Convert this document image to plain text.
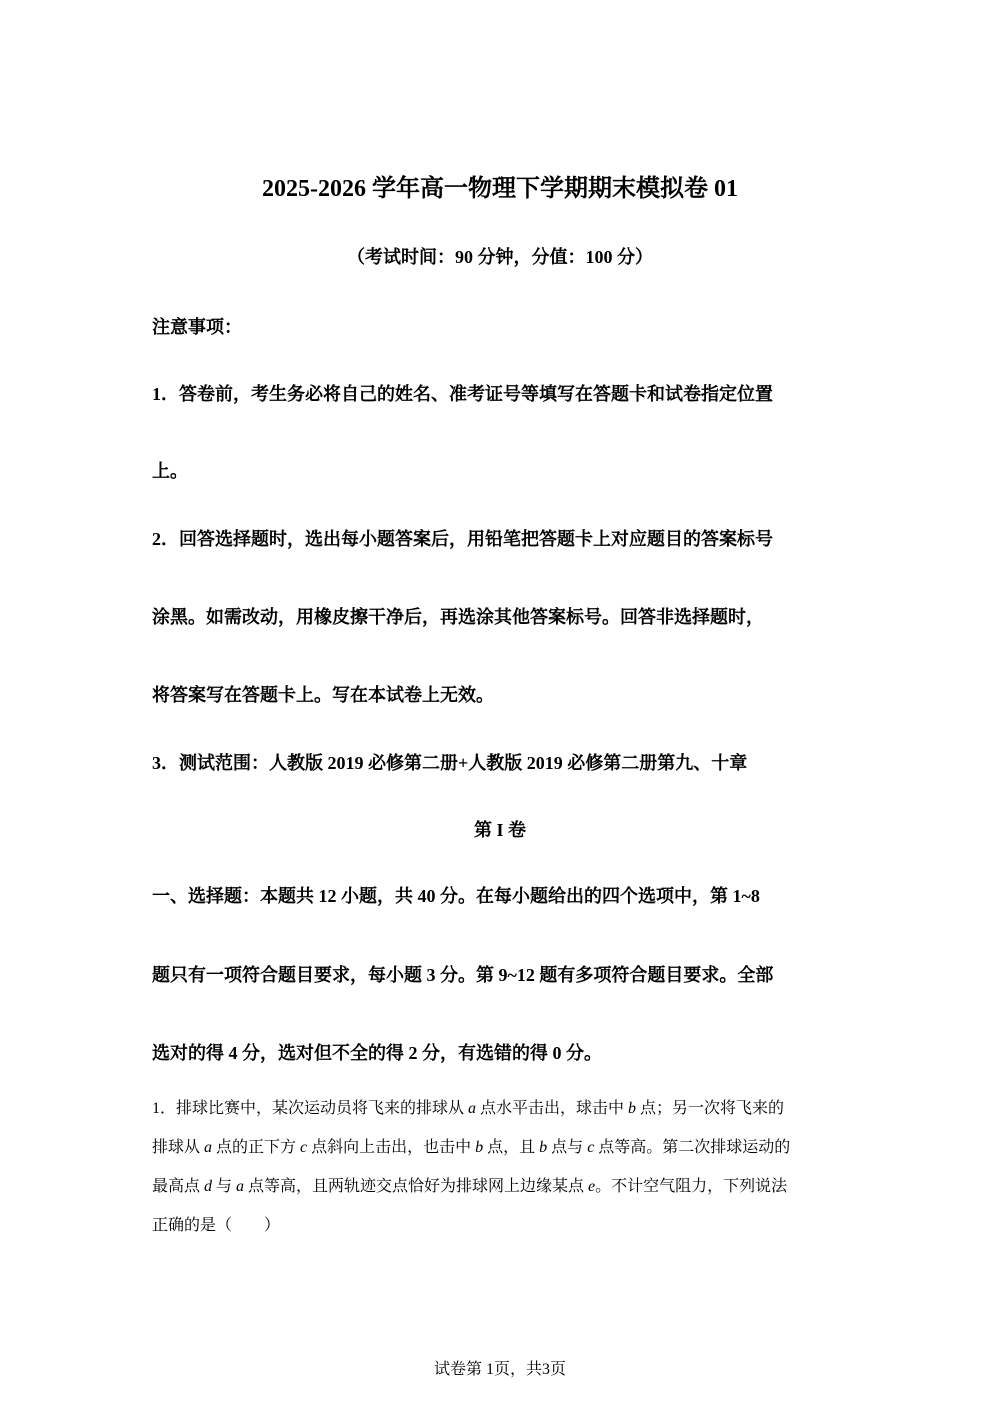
2025-2026 学年高一物理下学期期末模拟卷 01
（考试时间：90 分钟，分值：100 分）
注意事项：
1．答卷前，考生务必将自己的姓名、准考证号等填写在答题卡和试卷指定位置
上。
2．回答选择题时，选出每小题答案后，用铅笔把答题卡上对应题目的答案标号
涂黑。如需改动，用橡皮擦干净后，再选涂其他答案标号。回答非选择题时，
将答案写在答题卡上。写在本试卷上无效。
3．测试范围：人教版 2019 必修第二册+人教版 2019 必修第二册第九、十章
第 I 卷
一、选择题：本题共 12 小题，共 40 分。在每小题给出的四个选项中，第 1~8
题只有一项符合题目要求，每小题 3 分。第 9~12 题有多项符合题目要求。全部
选对的得 4 分，选对但不全的得 2 分，有选错的得 0 分。
1．排球比赛中，某次运动员将飞来的排球从 a 点水平击出，球击中 b 点；另一次将飞来的
排球从 a 点的正下方 c 点斜向上击出，也击中 b 点，且 b 点与 c 点等高。第二次排球运动的
最高点 d 与 a 点等高，且两轨迹交点恰好为排球网上边缘某点 e。不计空气阻力，下列说法
正确的是（　　）
试卷第 1页，共3页
